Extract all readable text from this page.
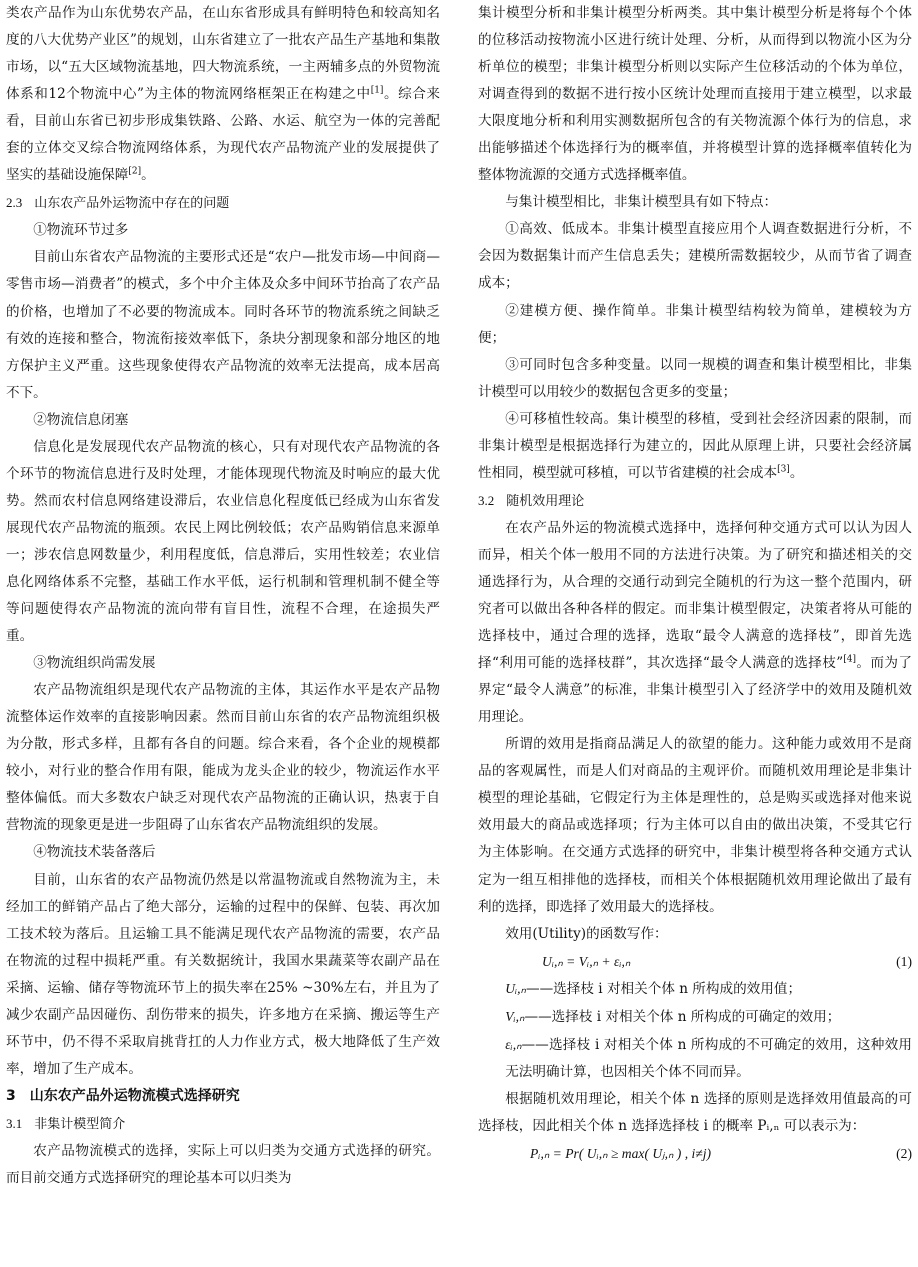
类农产品作为山东优势农产品，在山东省形成具有鲜明特色和较高知名度的八大优势产业区”的规划，山东省建立了一批农产品生产基地和集散市场，以“五大区域物流基地，四大物流系统，一主两辅多点的外贸物流体系和12个物流中心”为主体的物流网络框架正在构建之中[1]。综合来看，目前山东省已初步形成集铁路、公路、水运、航空为一体的完善配套的立体交叉综合物流网络体系，为现代农产品物流产业的发展提供了坚实的基础设施保障[2]。
2.3 山东农产品外运物流中存在的问题
①物流环节过多
目前山东省农产品物流的主要形式还是“农户—批发市场—中间商—零售市场—消费者”的模式，多个中介主体及众多中间环节抬高了农产品的价格，也增加了不必要的物流成本。同时各环节的物流系统之间缺乏有效的连接和整合，物流衔接效率低下，条块分割现象和部分地区的地方保护主义严重。这些现象使得农产品物流的效率无法提高，成本居高不下。
②物流信息闭塞
信息化是发展现代农产品物流的核心，只有对现代农产品物流的各个环节的物流信息进行及时处理，才能体现现代物流及时响应的最大优势。然而农村信息网络建设滞后，农业信息化程度低已经成为山东省发展现代农产品物流的瓶颈。农民上网比例较低；农产品购销信息来源单一；涉农信息网数量少，利用程度低，信息滞后，实用性较差；农业信息化网络体系不完整，基础工作水平低，运行机制和管理机制不健全等等问题使得农产品物流的流向带有盲目性，流程不合理，在途损失严重。
③物流组织尚需发展
农产品物流组织是现代农产品物流的主体，其运作水平是农产品物流整体运作效率的直接影响因素。然而目前山东省的农产品物流组织极为分散，形式多样，且都有各自的问题。综合来看，各个企业的规模都较小，对行业的整合作用有限，能成为龙头企业的较少，物流运作水平整体偏低。而大多数农户缺乏对现代农产品物流的正确认识，热衷于自营物流的现象更是进一步阻碍了山东省农产品物流组织的发展。
④物流技术装备落后
目前，山东省的农产品物流仍然是以常温物流或自然物流为主，未经加工的鲜销产品占了绝大部分，运输的过程中的保鲜、包装、再次加工技术较为落后。且运输工具不能满足现代农产品物流的需要，农产品在物流的过程中损耗严重。有关数据统计，我国水果蔬菜等农副产品在采摘、运输、储存等物流环节上的损失率在25% ~30%左右，并且为了减少农副产品因碰伤、刮伤带来的损失，许多地方在采摘、搬运等生产环节中，仍不得不采取肩挑背扛的人力作业方式，极大地降低了生产效率，增加了生产成本。
3 山东农产品外运物流模式选择研究
3.1 非集计模型简介
农产品物流模式的选择，实际上可以归类为交通方式选择的研究。而目前交通方式选择研究的理论基本可以归类为
集计模型分析和非集计模型分析两类。其中集计模型分析是将每个个体的位移活动按物流小区进行统计处理、分析，从而得到以物流小区为分析单位的模型；非集计模型分析则以实际产生位移活动的个体为单位，对调查得到的数据不进行按小区统计处理而直接用于建立模型，以求最大限度地分析和利用实测数据所包含的有关物流源个体行为的信息，求出能够描述个体选择行为的概率值，并将模型计算的选择概率值转化为整体物流源的交通方式选择概率值。
与集计模型相比，非集计模型具有如下特点：
①高效、低成本。非集计模型直接应用个人调查数据进行分析，不会因为数据集计而产生信息丢失；建模所需数据较少，从而节省了调查成本；
②建模方便、操作简单。非集计模型结构较为简单，建模较为方便；
③可同时包含多种变量。以同一规模的调查和集计模型相比，非集计模型可以用较少的数据包含更多的变量；
④可移植性较高。集计模型的移植，受到社会经济因素的限制，而非集计模型是根据选择行为建立的，因此从原理上讲，只要社会经济属性相同，模型就可移植，可以节省建模的社会成本[3]。
3.2 随机效用理论
在农产品外运的物流模式选择中，选择何种交通方式可以认为因人而异，相关个体一般用不同的方法进行决策。为了研究和描述相关的交通选择行为，从合理的交通行动到完全随机的行为这一整个范围内，研究者可以做出各种各样的假定。而非集计模型假定，决策者将从可能的选择枝中，通过合理的选择，选取“最令人满意的选择枝”，即首先选择“利用可能的选择枝群”，其次选择“最令人满意的选择枝”[4]。而为了界定“最令人满意”的标准，非集计模型引入了经济学中的效用及随机效用理论。
所谓的效用是指商品满足人的欲望的能力。这种能力或效用不是商品的客观属性，而是人们对商品的主观评价。而随机效用理论是非集计模型的理论基础，它假定行为主体是理性的，总是购买或选择对他来说效用最大的商品或选择项；行为主体可以自由的做出决策，不受其它行为主体影响。在交通方式选择的研究中，非集计模型将各种交通方式认定为一组互相排他的选择枝，而相关个体根据随机效用理论做出了最有利的选择，即选择了效用最大的选择枝。
效用(Utility)的函数写作：
Uᵢ,ₙ = Vᵢ,ₙ + εᵢ,ₙ	(1)
Uᵢ,ₙ——选择枝 i 对相关个体 n 所构成的效用值；
Vᵢ,ₙ——选择枝 i 对相关个体 n 所构成的可确定的效用；
εᵢ,ₙ——选择枝 i 对相关个体 n 所构成的不可确定的效用，这种效用无法明确计算，也因相关个体不同而异。
根据随机效用理论，相关个体 n 选择的原则是选择效用值最高的可选择枝，因此相关个体 n 选择选择枝 i 的概率 Pᵢ,ₙ 可以表示为：
Pᵢ,ₙ = Pr( Uᵢ,ₙ ≥ max( Uⱼ,ₙ ) , i≠j)	(2)
